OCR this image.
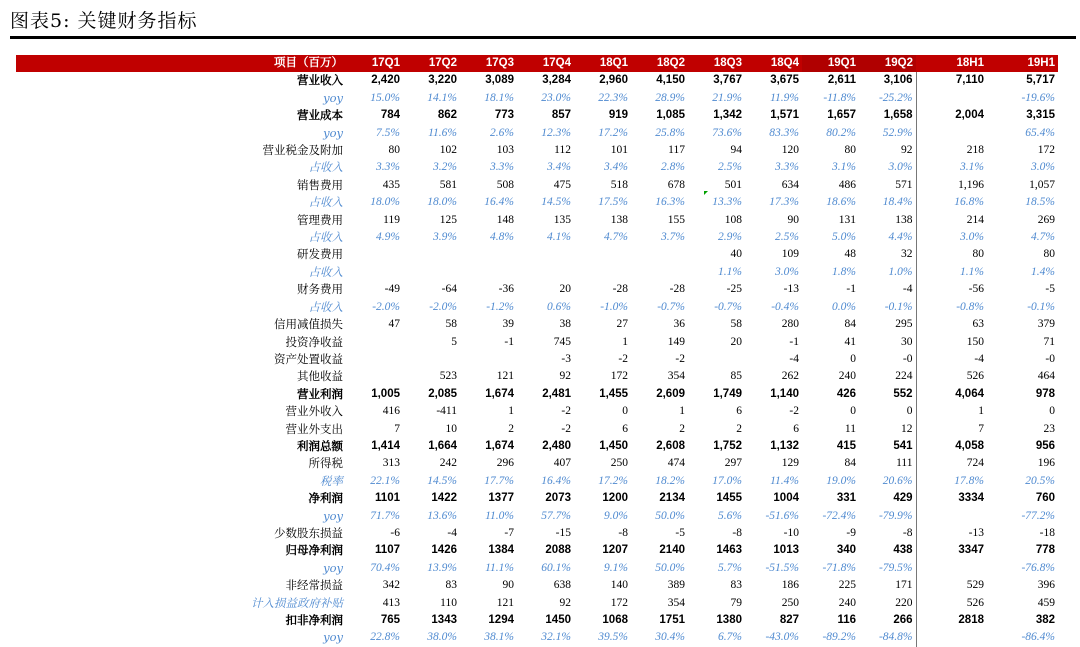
图表5: 关键财务指标
项目（百万）	17Q1	17Q2	17Q3	17Q4	18Q1	18Q2	18Q3	18Q4	19Q1	19Q2	18H1	19H1
营业收入	2,420	3,220	3,089	3,284	2,960	4,150	3,767	3,675	2,611	3,106	7,110	5,717
yoy	15.0%	14.1%	18.1%	23.0%	22.3%	28.9%	21.9%	11.9%	-11.8%	-25.2%		-19.6%
营业成本	784	862	773	857	919	1,085	1,342	1,571	1,657	1,658	2,004	3,315
yoy	7.5%	11.6%	2.6%	12.3%	17.2%	25.8%	73.6%	83.3%	80.2%	52.9%		65.4%
营业税金及附加	80	102	103	112	101	117	94	120	80	92	218	172
占收入	3.3%	3.2%	3.3%	3.4%	3.4%	2.8%	2.5%	3.3%	3.1%	3.0%	3.1%	3.0%
销售费用	435	581	508	475	518	678	501	634	486	571	1,196	1,057
占收入	18.0%	18.0%	16.4%	14.5%	17.5%	16.3%	13.3%	17.3%	18.6%	18.4%	16.8%	18.5%
管理费用	119	125	148	135	138	155	108	90	131	138	214	269
占收入	4.9%	3.9%	4.8%	4.1%	4.7%	3.7%	2.9%	2.5%	5.0%	4.4%	3.0%	4.7%
研发费用							40	109	48	32	80	80
占收入							1.1%	3.0%	1.8%	1.0%	1.1%	1.4%
财务费用	-49	-64	-36	20	-28	-28	-25	-13	-1	-4	-56	-5
占收入	-2.0%	-2.0%	-1.2%	0.6%	-1.0%	-0.7%	-0.7%	-0.4%	0.0%	-0.1%	-0.8%	-0.1%
信用减值损失	47	58	39	38	27	36	58	280	84	295	63	379
投资净收益		5	-1	745	1	149	20	-1	41	30	150	71
资产处置收益				-3	-2	-2		-4	0	-0	-4	-0
其他收益		523	121	92	172	354	85	262	240	224	526	464
营业利润	1,005	2,085	1,674	2,481	1,455	2,609	1,749	1,140	426	552	4,064	978
营业外收入	416	-411	1	-2	0	1	6	-2	0	0	1	0
营业外支出	7	10	2	-2	6	2	2	6	11	12	7	23
利润总额	1,414	1,664	1,674	2,480	1,450	2,608	1,752	1,132	415	541	4,058	956
所得税	313	242	296	407	250	474	297	129	84	111	724	196
税率	22.1%	14.5%	17.7%	16.4%	17.2%	18.2%	17.0%	11.4%	19.0%	20.6%	17.8%	20.5%
净利润	1101	1422	1377	2073	1200	2134	1455	1004	331	429	3334	760
yoy	71.7%	13.6%	11.0%	57.7%	9.0%	50.0%	5.6%	-51.6%	-72.4%	-79.9%		-77.2%
少数股东损益	-6	-4	-7	-15	-8	-5	-8	-10	-9	-8	-13	-18
归母净利润	1107	1426	1384	2088	1207	2140	1463	1013	340	438	3347	778
yoy	70.4%	13.9%	11.1%	60.1%	9.1%	50.0%	5.7%	-51.5%	-71.8%	-79.5%		-76.8%
非经常损益	342	83	90	638	140	389	83	186	225	171	529	396
计入损益政府补贴	413	110	121	92	172	354	79	250	240	220	526	459
扣非净利润	765	1343	1294	1450	1068	1751	1380	827	116	266	2818	382
yoy	22.8%	38.0%	38.1%	32.1%	39.5%	30.4%	6.7%	-43.0%	-89.2%	-84.8%		-86.4%
